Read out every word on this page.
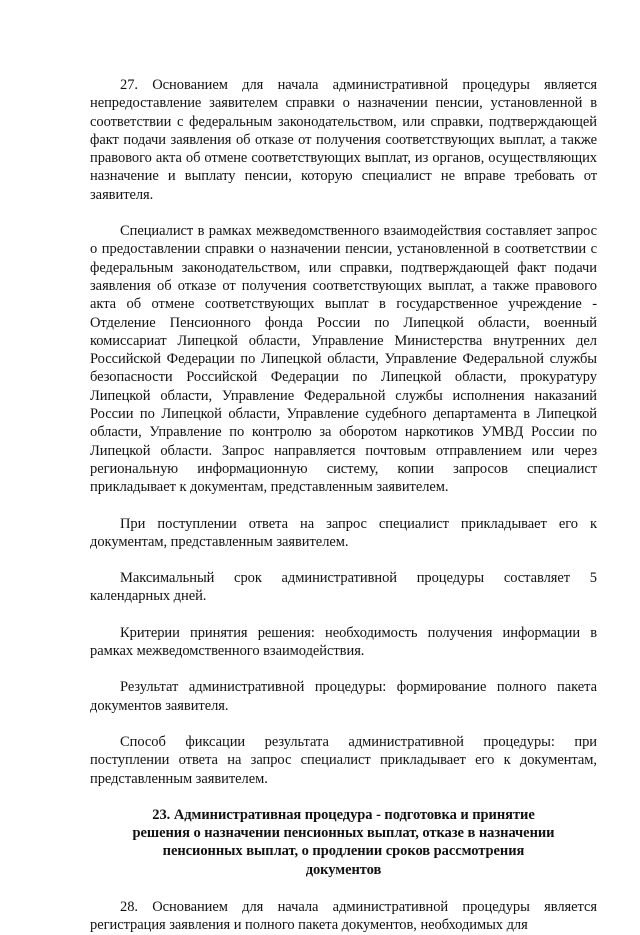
27. Основанием для начала административной процедуры является непредоставление заявителем справки о назначении пенсии, установленной в соответствии с федеральным законодательством, или справки, подтверждающей факт подачи заявления об отказе от получения соответствующих выплат, а также правового акта об отмене соответствующих выплат, из органов, осуществляющих назначение и выплату пенсии, которую специалист не вправе требовать от заявителя.

Специалист в рамках межведомственного взаимодействия составляет запрос о предоставлении справки о назначении пенсии, установленной в соответствии с федеральным законодательством, или справки, подтверждающей факт подачи заявления об отказе от получения соответствующих выплат, а также правового акта об отмене соответствующих выплат в государственное учреждение - Отделение Пенсионного фонда России по Липецкой области, военный комиссариат Липецкой области, Управление Министерства внутренних дел Российской Федерации по Липецкой области, Управление Федеральной службы безопасности Российской Федерации по Липецкой области, прокуратуру Липецкой области, Управление Федеральной службы исполнения наказаний России по Липецкой области, Управление судебного департамента в Липецкой области, Управление по контролю за оборотом наркотиков УМВД России по Липецкой области. Запрос направляется почтовым отправлением или через региональную информационную систему, копии запросов специалист прикладывает к документам, представленным заявителем.

При поступлении ответа на запрос специалист прикладывает его к документам, представленным заявителем.

Максимальный срок административной процедуры составляет 5 календарных дней.

Критерии принятия решения: необходимость получения информации в рамках межведомственного взаимодействия.

Результат административной процедуры: формирование полного пакета документов заявителя.

Способ фиксации результата административной процедуры: при поступлении ответа на запрос специалист прикладывает его к документам, представленным заявителем.

23. Административная процедура - подготовка и принятие решения о назначении пенсионных выплат, отказе в назначении пенсионных выплат, о продлении сроков рассмотрения документов

28. Основанием для начала административной процедуры является регистрация заявления и полного пакета документов, необходимых для
